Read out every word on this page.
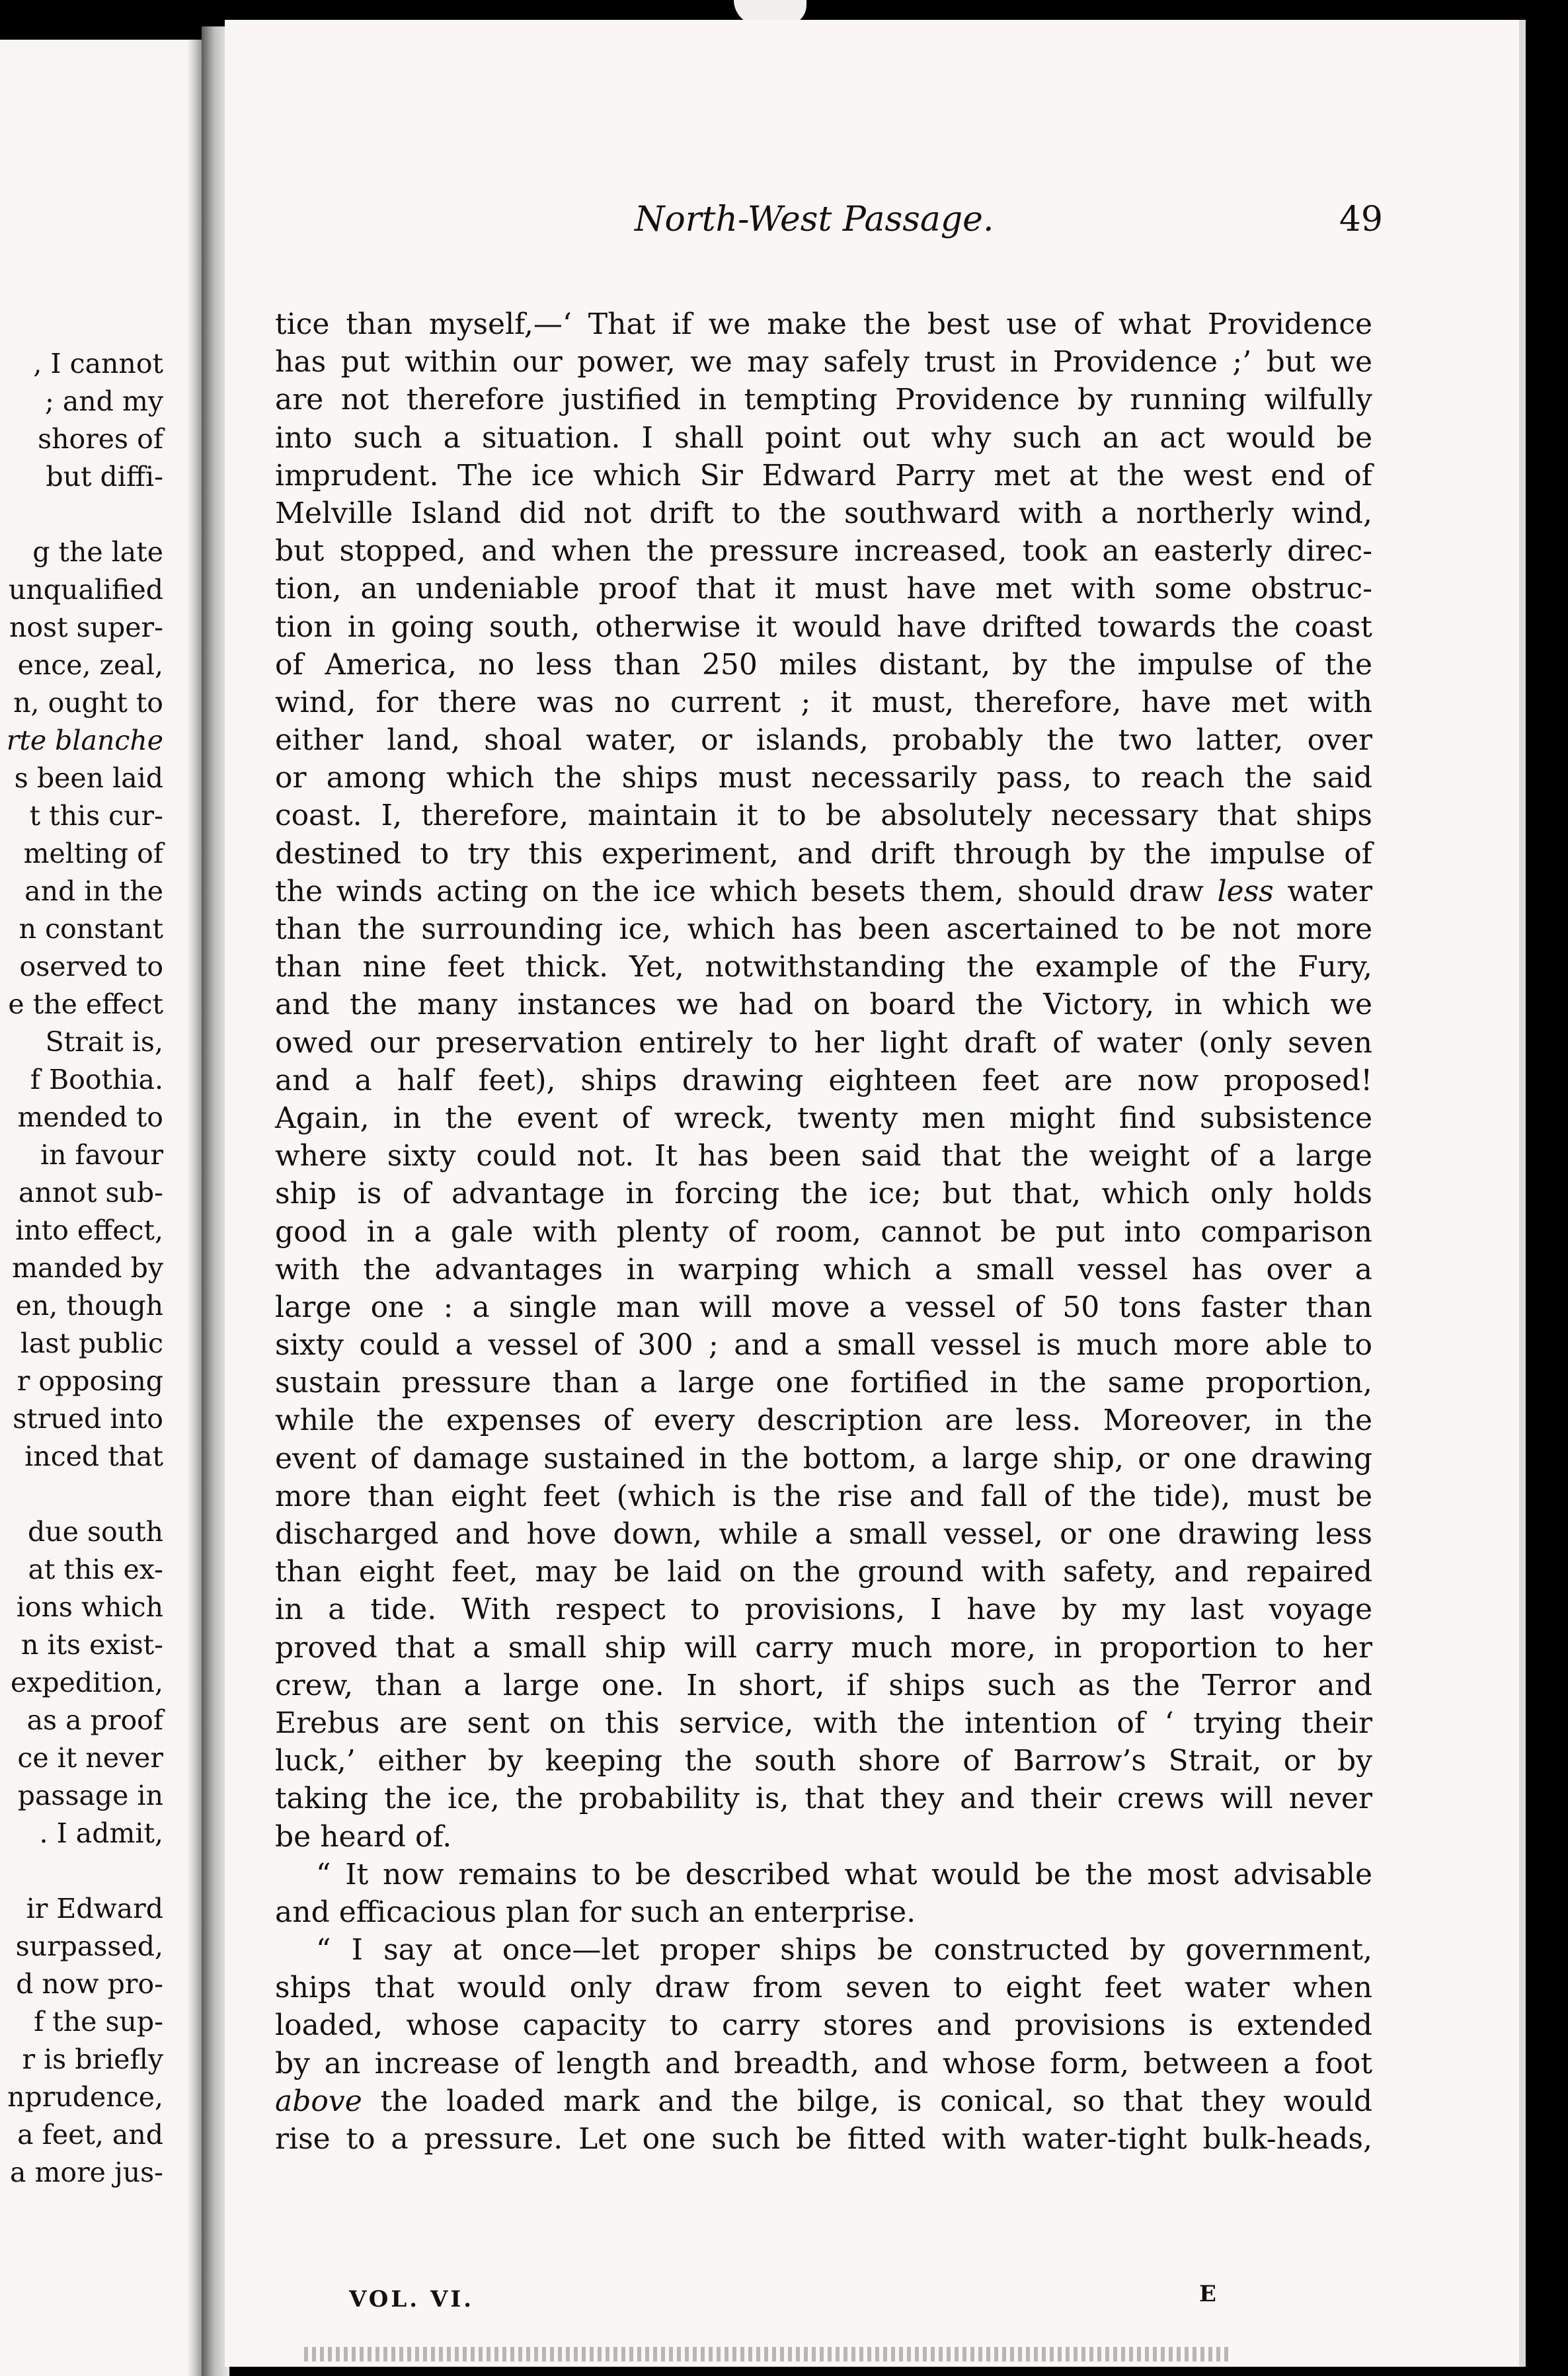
, I cannot
; and my
shores of
but diffi-
g the late
unqualified
nost super-
ence, zeal,
n, ought to
rte blanche
s been laid
t this cur-
melting of
and in the
n constant
oserved to
e the effect
Strait is,
f Boothia.
mended to
in favour
annot sub-
into effect,
manded by
en, though
last public
r opposing
strued into
inced that
due south
at this ex-
ions which
n its exist-
expedition,
as a proof
ce it never
passage in
. I admit,
ir Edward
surpassed,
d now pro-
f the sup-
r is briefly
nprudence,
a feet, and
a more jus-
North-West Passage.	49
tice than myself,—‘ That if we make the best use of what Providence
has put within our power, we may safely trust in Providence ;’ but we
are not therefore justified in tempting Providence by running wilfully
into such a situation. I shall point out why such an act would be
imprudent. The ice which Sir Edward Parry met at the west end of
Melville Island did not drift to the southward with a northerly wind,
but stopped, and when the pressure increased, took an easterly direc-
tion, an undeniable proof that it must have met with some obstruc-
tion in going south, otherwise it would have drifted towards the coast
of America, no less than 250 miles distant, by the impulse of the
wind, for there was no current ; it must, therefore, have met with
either land, shoal water, or islands, probably the two latter, over
or among which the ships must necessarily pass, to reach the said
coast. I, therefore, maintain it to be absolutely necessary that ships
destined to try this experiment, and drift through by the impulse of
the winds acting on the ice which besets them, should draw less water
than the surrounding ice, which has been ascertained to be not more
than nine feet thick. Yet, notwithstanding the example of the Fury,
and the many instances we had on board the Victory, in which we
owed our preservation entirely to her light draft of water (only seven
and a half feet), ships drawing eighteen feet are now proposed!
Again, in the event of wreck, twenty men might find subsistence
where sixty could not. It has been said that the weight of a large
ship is of advantage in forcing the ice; but that, which only holds
good in a gale with plenty of room, cannot be put into comparison
with the advantages in warping which a small vessel has over a
large one : a single man will move a vessel of 50 tons faster than
sixty could a vessel of 300 ; and a small vessel is much more able to
sustain pressure than a large one fortified in the same proportion,
while the expenses of every description are less. Moreover, in the
event of damage sustained in the bottom, a large ship, or one drawing
more than eight feet (which is the rise and fall of the tide), must be
discharged and hove down, while a small vessel, or one drawing less
than eight feet, may be laid on the ground with safety, and repaired
in a tide. With respect to provisions, I have by my last voyage
proved that a small ship will carry much more, in proportion to her
crew, than a large one. In short, if ships such as the Terror and
Erebus are sent on this service, with the intention of ‘ trying their
luck,’ either by keeping the south shore of Barrow’s Strait, or by
taking the ice, the probability is, that they and their crews will never
be heard of.
“ It now remains to be described what would be the most advisable
and efficacious plan for such an enterprise.
“ I say at once—let proper ships be constructed by government,
ships that would only draw from seven to eight feet water when
loaded, whose capacity to carry stores and provisions is extended
by an increase of length and breadth, and whose form, between a foot
above the loaded mark and the bilge, is conical, so that they would
rise to a pressure. Let one such be fitted with water-tight bulk-heads,
VOL. VI.	E
